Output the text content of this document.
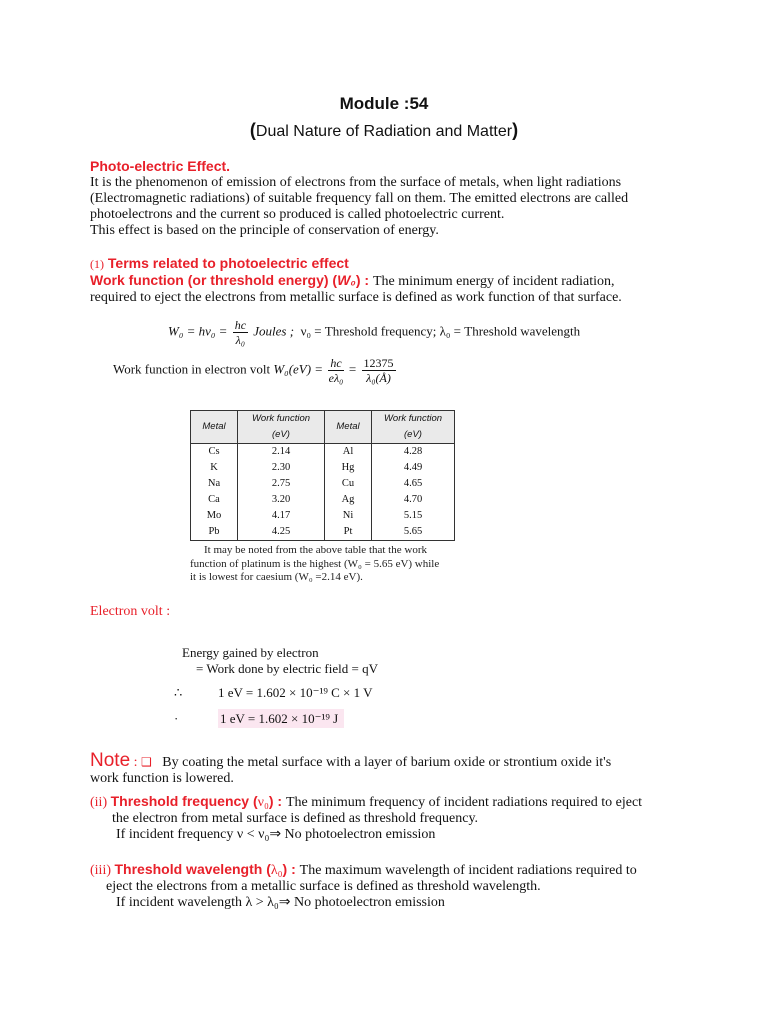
Module :54
(Dual Nature of Radiation and Matter)
Photo-electric Effect.
It is the phenomenon of emission of electrons from the surface of metals, when light radiations
(Electromagnetic radiations) of suitable frequency fall on them. The emitted electrons are called
photoelectrons and the current so produced is called photoelectric current.
This effect is based on the principle of conservation of energy.
(1) Terms related to photoelectric effect
Work function (or threshold energy) (W₀) : The minimum energy of incident radiation,
required to eject the electrons from metallic surface is defined as work function of that surface.
$W_0 = h\nu_0 = \frac{hc}{\text{λ₀}}$ Joules ; ν₀ = Threshold frequency; λ₀ = Threshold wavelength
Work function in electron volt $W_0(eV) = \frac{hc}{\text{eλ₀}} = \frac{12375}{\text{λ₀(Å)}}$
Metal	Work function (eV)	Metal	Work function (eV)
Cs	2.14	Al	4.28
K	2.30	Hg	4.49
Na	2.75	Cu	4.65
Ca	3.20	Ag	4.70
Mo	4.17	Ni	5.15
Pb	4.25	Pt	5.65
It may be noted from the above table that the work
function of platinum is the highest (W₀ = 5.65 eV) while
it is lowest for caesium (W₀ =2.14 eV).
Electron volt :
Energy gained by electron
= Work done by electric field = qV
∴	1 eV = 1.602 × 10⁻¹⁹ C × 1 V
·	1 eV = 1.602 × 10⁻¹⁹ J
Note : ❑ By coating the metal surface with a layer of barium oxide or strontium oxide it's
work function is lowered.
(ii) Threshold frequency (ν₀) : The minimum frequency of incident radiations required to eject
the electron from metal surface is defined as threshold frequency.
If incident frequency ν < ν₀⇒ No photoelectron emission
(iii) Threshold wavelength (λ₀) : The maximum wavelength of incident radiations required to
eject the electrons from a metallic surface is defined as threshold wavelength.
If incident wavelength λ > λ₀⇒ No photoelectron emission
